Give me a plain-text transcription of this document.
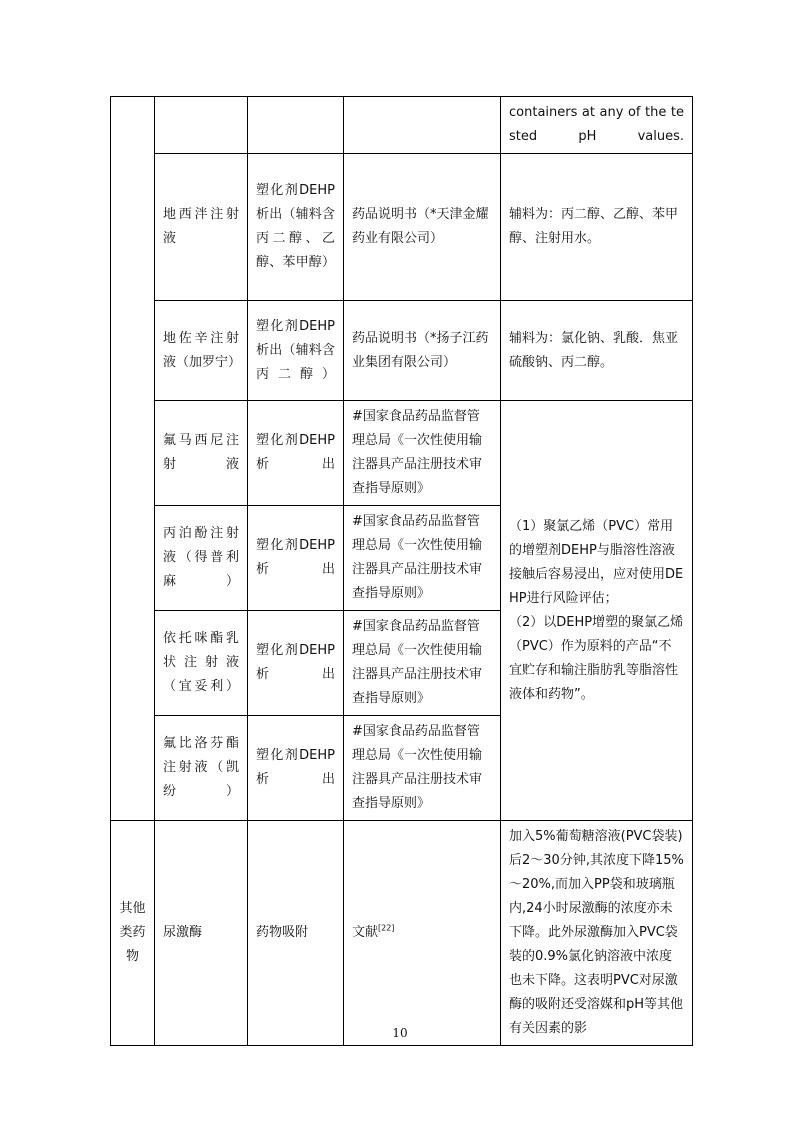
				containers at any of the tested pH values.
	地西泮注射液	塑化剂DEHP析出（辅料含丙二醇、乙醇、苯甲醇）	药品说明书（*天津金耀药业有限公司）	辅料为：丙二醇、乙醇、苯甲醇、注射用水。
	地佐辛注射液（加罗宁）	塑化剂DEHP析出（辅料含丙二醇）	药品说明书（*扬子江药业集团有限公司）	辅料为：氯化钠、乳酸．焦亚硫酸钠、丙二醇。
	氟马西尼注射液	塑化剂DEHP析出	#国家食品药品监督管理总局《一次性使用输注器具产品注册技术审查指导原则》	（1）聚氯乙烯（PVC）常用的增塑剂DEHP与脂溶性溶液接触后容易浸出，应对使用DEHP进行风险评估；
（2）以DEHP增塑的聚氯乙烯（PVC）作为原料的产品“不宜贮存和输注脂肪乳等脂溶性液体和药物”。

	丙泊酚注射液（得普利麻）	塑化剂DEHP析出	#国家食品药品监督管理总局《一次性使用输注器具产品注册技术审查指导原则》	
	依托咪酯乳状注射液（宜妥利）	塑化剂DEHP析出	#国家食品药品监督管理总局《一次性使用输注器具产品注册技术审查指导原则》	
	氟比洛芬酯注射液（凯纷）	塑化剂DEHP析出	#国家食品药品监督管理总局《一次性使用输注器具产品注册技术审查指导原则》	
其他类药物	尿激酶	药物吸附	文献[22]	加入5%葡萄糖溶液(PVC袋装)后2～30分钟,其浓度下降15%～20%,而加入PP袋和玻璃瓶内,24小时尿激酶的浓度亦未下降。此外尿激酶加入PVC袋装的0.9%氯化钠溶液中浓度也未下降。这表明PVC对尿激酶的吸附还受溶媒和pH等其他有关因素的影
10
